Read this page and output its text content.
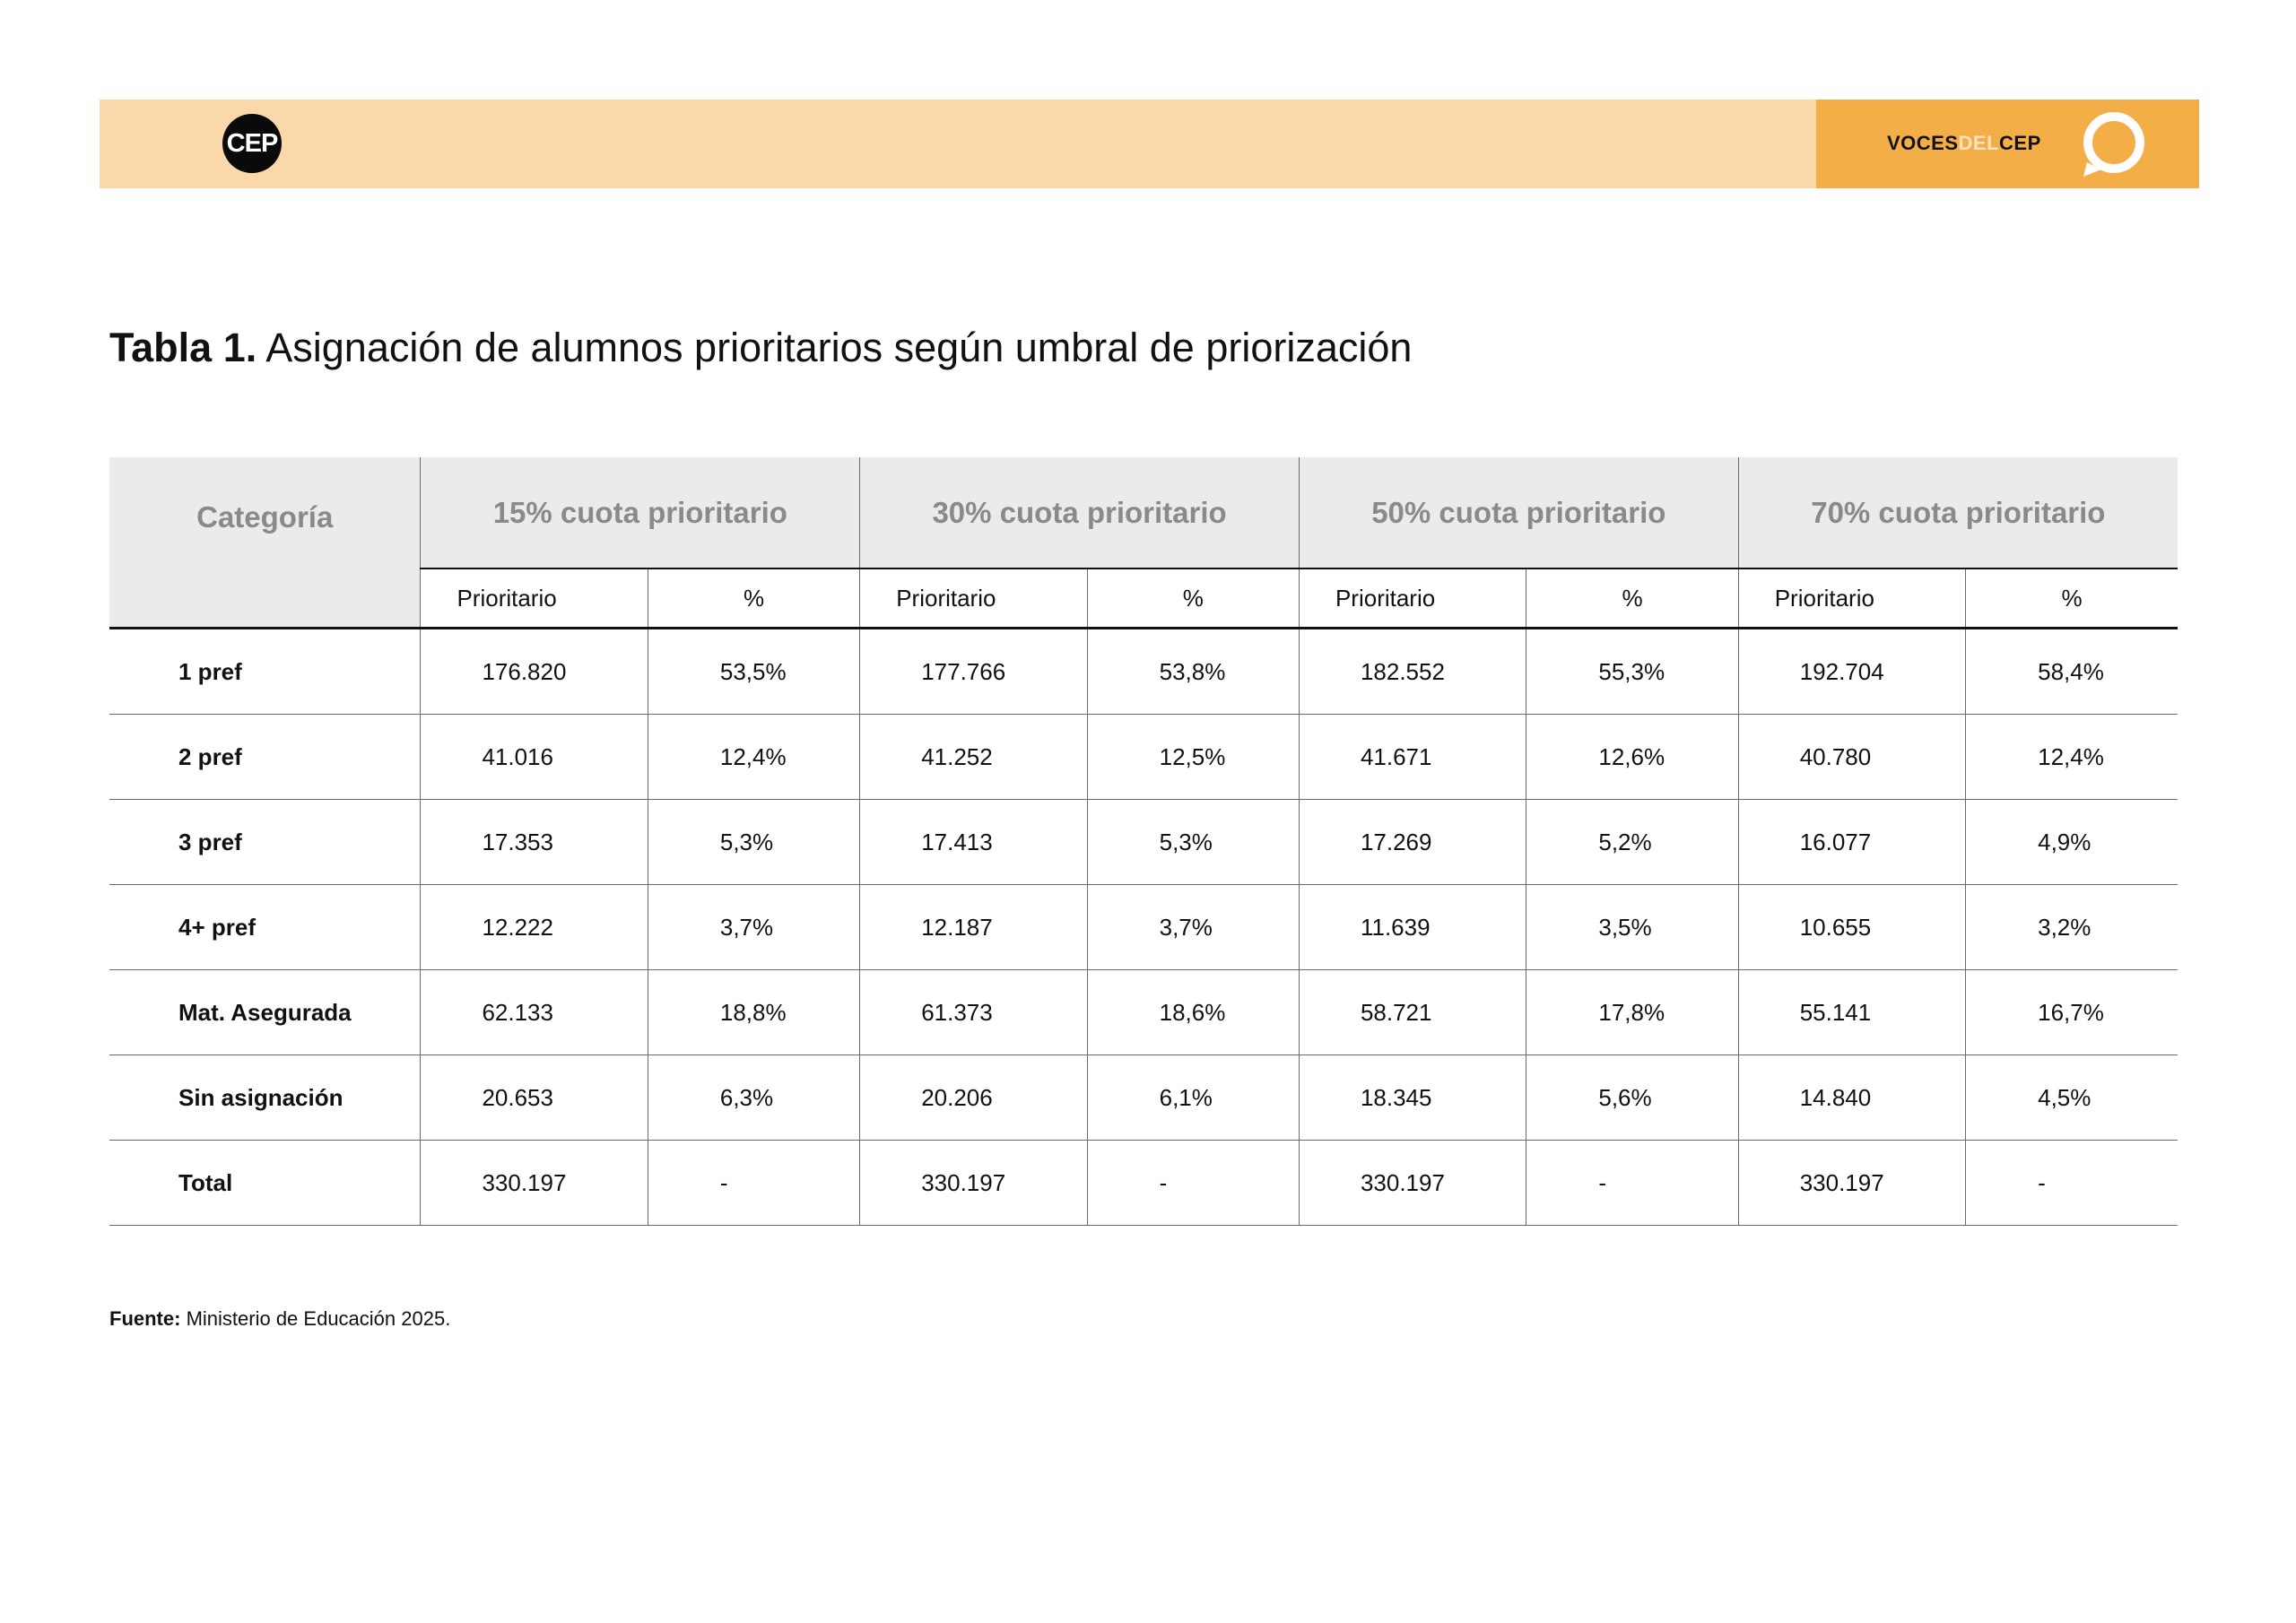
CEP	VOCESDELCEP
Tabla 1. Asignación de alumnos prioritarios según umbral de priorización
Categoría	15% cuota prioritario		30% cuota prioritario		50% cuota prioritario		70% cuota prioritario	
	Prioritario	%	Prioritario	%	Prioritario	%	Prioritario	%
1 pref	176.820	53,5%	177.766	53,8%	182.552	55,3%	192.704	58,4%
2 pref	41.016	12,4%	41.252	12,5%	41.671	12,6%	40.780	12,4%
3 pref	17.353	5,3%	17.413	5,3%	17.269	5,2%	16.077	4,9%
4+ pref	12.222	3,7%	12.187	3,7%	11.639	3,5%	10.655	3,2%
Mat. Asegurada	62.133	18,8%	61.373	18,6%	58.721	17,8%	55.141	16,7%
Sin asignación	20.653	6,3%	20.206	6,1%	18.345	5,6%	14.840	4,5%
Total	330.197	-	330.197	-	330.197	-	330.197	-
Fuente: Ministerio de Educación 2025.
